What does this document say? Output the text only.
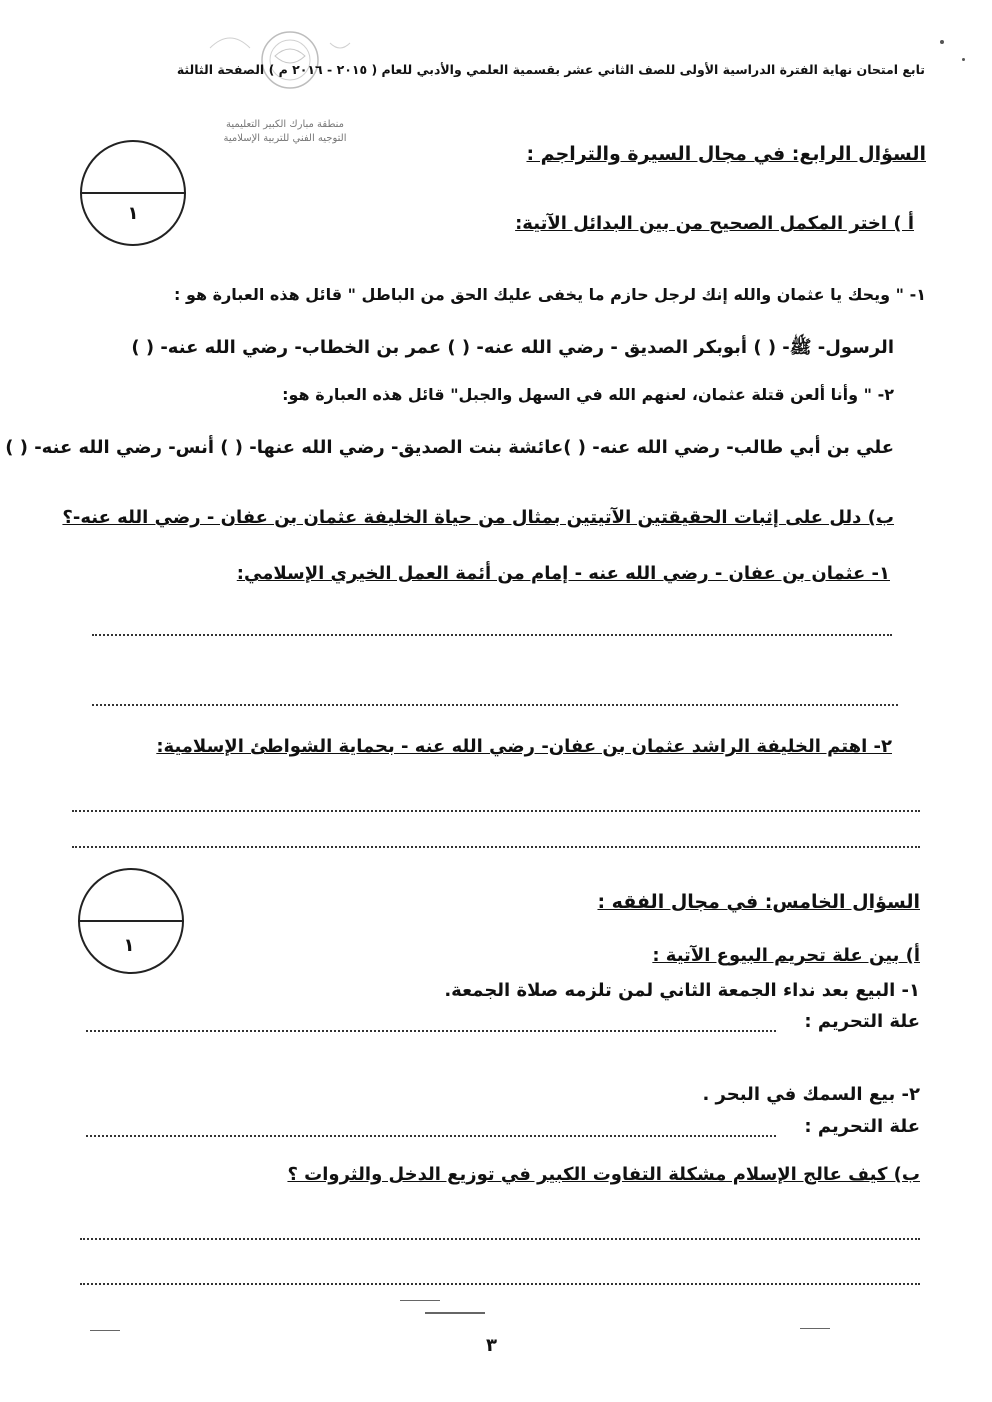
منطقة مبارك الكبير التعليمية
التوجيه الفني للتربية الإسلامية
تابع امتحان نهاية الفترة الدراسية الأولى للصف الثاني عشر بقسمية العلمي والأدبي للعام ( ٢٠١٥ - ٢٠١٦ م ) الصفحة الثالثة
١
السؤال الرابع: في مجال السيرة والتراجم :
أ ) اختر المكمل الصحيح من بين البدائل الآتية:
١- " ويحك يا عثمان والله إنك لرجل حازم ما يخفى عليك الحق من الباطل " قائل هذه العبارة هو :
الرسول- ﷺ- ( ) أبوبكر الصديق - رضي الله عنه- ( ) عمر بن الخطاب- رضي الله عنه- ( )
٢- " وأنا ألعن قتلة عثمان، لعنهم الله في السهل والجبل" قائل هذه العبارة هو:
علي بن أبي طالب- رضي الله عنه- ( )عائشة بنت الصديق- رضي الله عنها- ( ) أنس- رضي الله عنه- ( )
ب) دلل على إثبات الحقيقتين الآتيتين بمثال من حياة الخليفة عثمان بن عفان - رضي الله عنه-؟
١- عثمان بن عفان - رضي الله عنه - إمام من أئمة العمل الخيري الإسلامي:
٢- اهتم الخليفة الراشد عثمان بن عفان- رضي الله عنه - بحماية الشواطئ الإسلامية:
١
السؤال الخامس: في مجال الفقه :
أ) بين علة تحريم البيوع الآتية :
١- البيع بعد نداء الجمعة الثاني لمن تلزمه صلاة الجمعة.
علة التحريم :
٢- بيع السمك في البحر .
علة التحريم :
ب) كيف عالج الإسلام مشكلة التفاوت الكبير في توزيع الدخل والثروات ؟
٣
